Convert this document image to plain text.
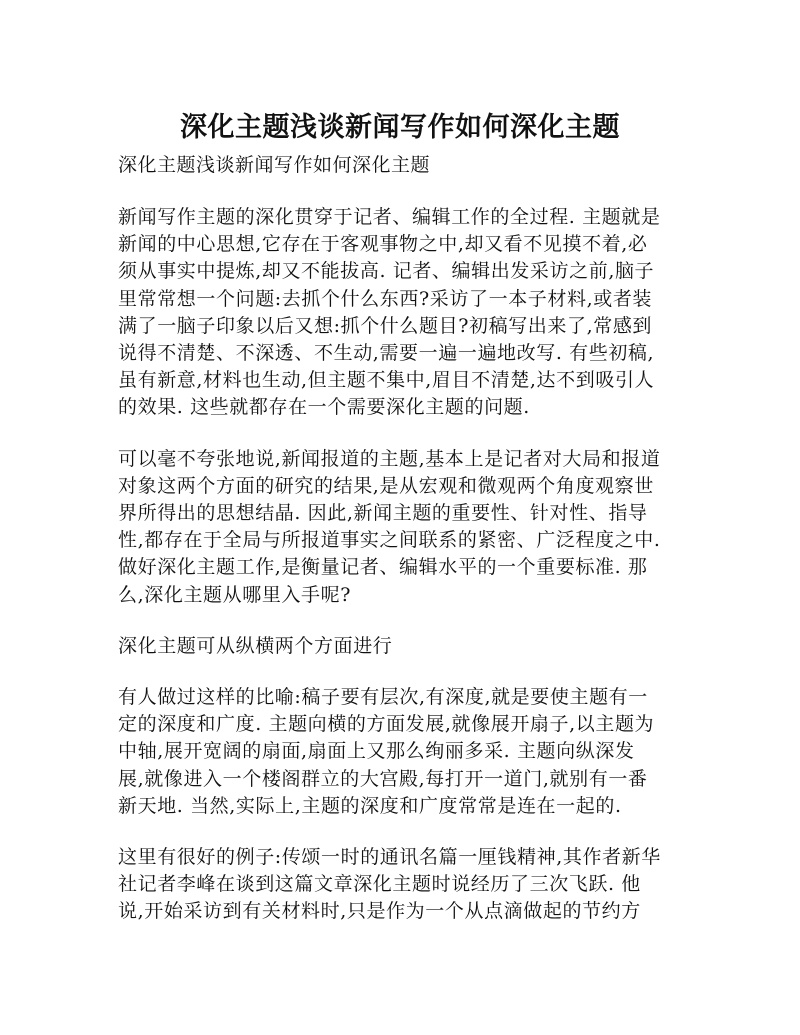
深化主题浅谈新闻写作如何深化主题

深化主题浅谈新闻写作如何深化主题

新闻写作主题的深化贯穿于记者、编辑工作的全过程. 主题就是
新闻的中心思想,它存在于客观事物之中,却又看不见摸不着,必
须从事实中提炼,却又不能拔高. 记者、编辑出发采访之前,脑子
里常常想一个问题:去抓个什么东西?采访了一本子材料,或者装
满了一脑子印象以后又想:抓个什么题目?初稿写出来了,常感到
说得不清楚、不深透、不生动,需要一遍一遍地改写. 有些初稿,
虽有新意,材料也生动,但主题不集中,眉目不清楚,达不到吸引人
的效果. 这些就都存在一个需要深化主题的问题.

可以毫不夸张地说,新闻报道的主题,基本上是记者对大局和报道
对象这两个方面的研究的结果,是从宏观和微观两个角度观察世
界所得出的思想结晶. 因此,新闻主题的重要性、针对性、指导
性,都存在于全局与所报道事实之间联系的紧密、广泛程度之中.
做好深化主题工作,是衡量记者、编辑水平的一个重要标准. 那
么,深化主题从哪里入手呢?

深化主题可从纵横两个方面进行

有人做过这样的比喻:稿子要有层次,有深度,就是要使主题有一
定的深度和广度. 主题向横的方面发展,就像展开扇子,以主题为
中轴,展开宽阔的扇面,扇面上又那么绚丽多采. 主题向纵深发
展,就像进入一个楼阁群立的大宫殿,每打开一道门,就别有一番
新天地. 当然,实际上,主题的深度和广度常常是连在一起的.

这里有很好的例子:传颂一时的通讯名篇一厘钱精神,其作者新华
社记者李峰在谈到这篇文章深化主题时说经历了三次飞跃. 他
说,开始采访到有关材料时,只是作为一个从点滴做起的节约方
